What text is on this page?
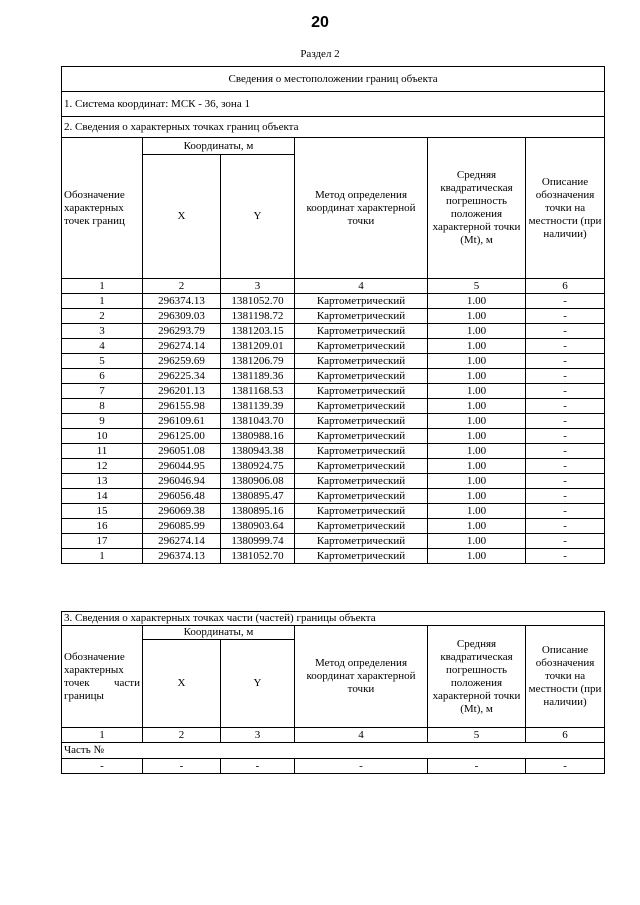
20
Раздел 2
Сведения о местоположении границ объекта					
1. Система координат: МСК - 36, зона 1					
2. Сведения о характерных точках границ объекта					
Обозначение характерных точек границ	Координаты, м		Метод определения координат характерной точки	Средняя квадратическая погрешность положения характерной точки (Mt), м	Описание обозначения точки на местности (при наличии)
	X	Y			
1	2	3	4	5	6
1	296374.13	1381052.70	Картометрический	1.00	-
2	296309.03	1381198.72	Картометрический	1.00	-
3	296293.79	1381203.15	Картометрический	1.00	-
4	296274.14	1381209.01	Картометрический	1.00	-
5	296259.69	1381206.79	Картометрический	1.00	-
6	296225.34	1381189.36	Картометрический	1.00	-
7	296201.13	1381168.53	Картометрический	1.00	-
8	296155.98	1381139.39	Картометрический	1.00	-
9	296109.61	1381043.70	Картометрический	1.00	-
10	296125.00	1380988.16	Картометрический	1.00	-
11	296051.08	1380943.38	Картометрический	1.00	-
12	296044.95	1380924.75	Картометрический	1.00	-
13	296046.94	1380906.08	Картометрический	1.00	-
14	296056.48	1380895.47	Картометрический	1.00	-
15	296069.38	1380895.16	Картометрический	1.00	-
16	296085.99	1380903.64	Картометрический	1.00	-
17	296274.14	1380999.74	Картометрический	1.00	-
1	296374.13	1381052.70	Картометрический	1.00	-
3. Сведения о характерных точках части (частей) границы объекта					
Обозначение характерных точек части границы	Координаты, м		Метод определения координат характерной точки	Средняя квадратическая погрешность положения характерной точки (Mt), м	Описание обозначения точки на местности (при наличии)
	X	Y			
1	2	3	4	5	6
Часть №					
-	-	-	-	-	-
